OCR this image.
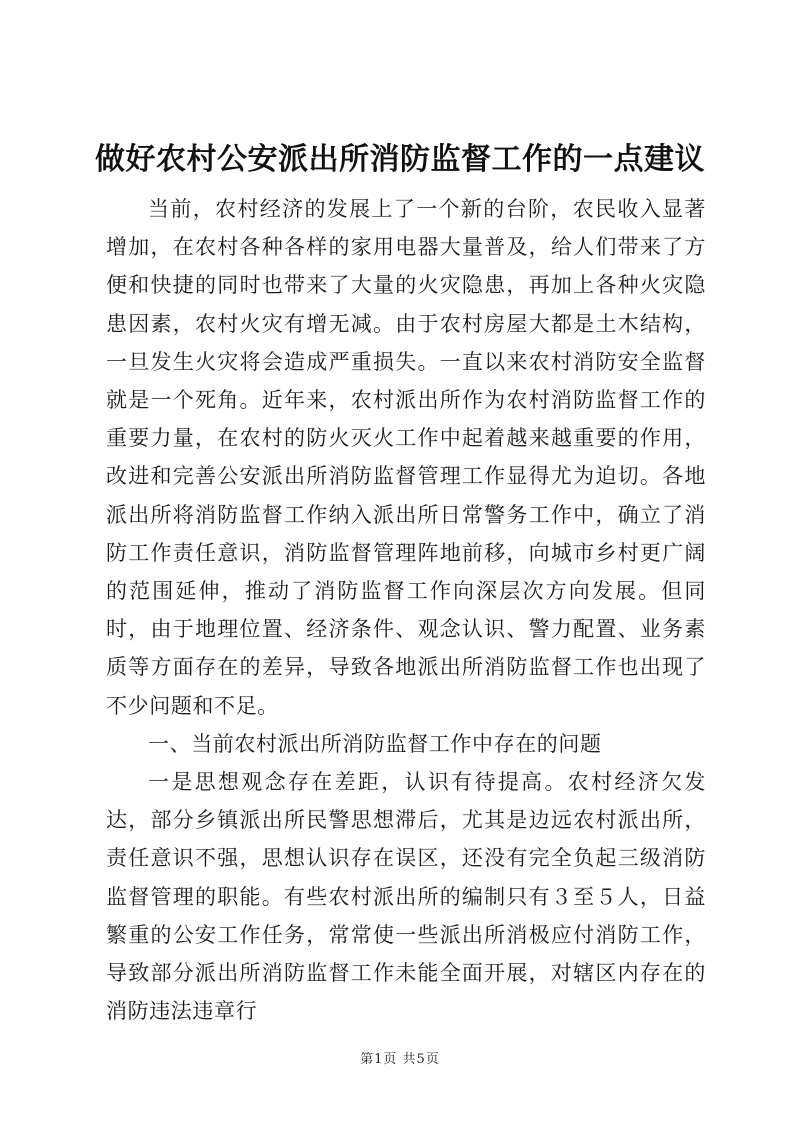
做好农村公安派出所消防监督工作的一点建议

当前，农村经济的发展上了一个新的台阶，农民收入显著增加，在农村各种各样的家用电器大量普及，给人们带来了方便和快捷的同时也带来了大量的火灾隐患，再加上各种火灾隐患因素，农村火灾有增无减。由于农村房屋大都是土木结构，一旦发生火灾将会造成严重损失。一直以来农村消防安全监督就是一个死角。近年来，农村派出所作为农村消防监督工作的重要力量，在农村的防火灭火工作中起着越来越重要的作用，改进和完善公安派出所消防监督管理工作显得尤为迫切。各地派出所将消防监督工作纳入派出所日常警务工作中，确立了消防工作责任意识，消防监督管理阵地前移，向城市乡村更广阔的范围延伸，推动了消防监督工作向深层次方向发展。但同时，由于地理位置、经济条件、观念认识、警力配置、业务素质等方面存在的差异，导致各地派出所消防监督工作也出现了不少问题和不足。

一、当前农村派出所消防监督工作中存在的问题

一是思想观念存在差距，认识有待提高。农村经济欠发达，部分乡镇派出所民警思想滞后，尤其是边远农村派出所，责任意识不强，思想认识存在误区，还没有完全负起三级消防监督管理的职能。有些农村派出所的编制只有３至５人，日益繁重的公安工作任务，常常使一些派出所消极应付消防工作，导致部分派出所消防监督工作未能全面开展，对辖区内存在的消防违法违章行

第1页 共5页
